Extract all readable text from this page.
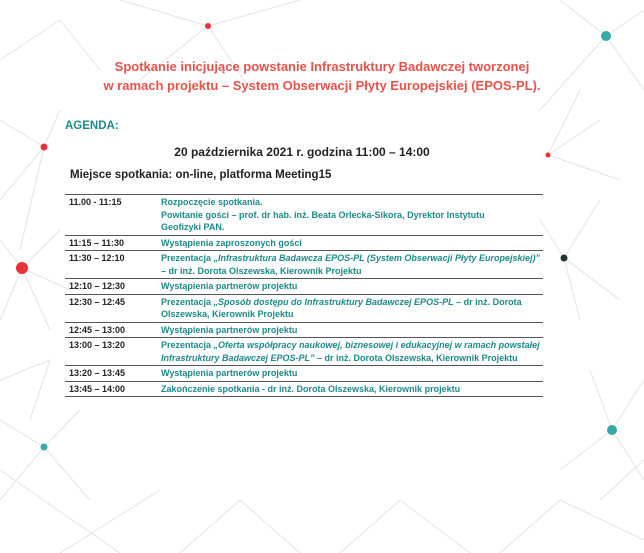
Spotkanie inicjujące powstanie Infrastruktury Badawczej tworzonej
w ramach projektu – System Obserwacji Płyty Europejskiej (EPOS-PL).
AGENDA:
20 października 2021 r. godzina 11:00 – 14:00
Miejsce spotkania: on-line, platforma Meeting15
11.00 - 11:15	Rozpoczęcie spotkania.
Powitanie gości – prof. dr hab. inż. Beata Orlecka-Sikora, Dyrektor Instytutu
Geofizyki PAN.

11:15 – 11:30	Wystąpienia zaproszonych gości

11:30 – 12:10	Prezentacja „Infrastruktura Badawcza EPOS-PL (System Obserwacji Płyty Europejskiej)” – dr inż. Dorota Olszewska, Kierownik Projektu
12:10 – 12:30	Wystąpienia partnerów projektu

12:30 – 12:45	Prezentacja „Sposób dostępu do Infrastruktury Badawczej EPOS-PL – dr inż. Dorota Olszewska, Kierownik Projektu
12:45 – 13:00	Wystąpienia partnerów projektu

13:00 – 13:20	Prezentacja „Oferta współpracy naukowej, biznesowej i edukacyjnej w ramach powstałej Infrastruktury Badawczej EPOS-PL” – dr inż. Dorota Olszewska, Kierownik Projektu
13:20 – 13:45	Wystąpienia partnerów projektu

13:45 – 14:00	Zakończenie spotkania - dr inż. Dorota Olszewska, Kierownik projektu
